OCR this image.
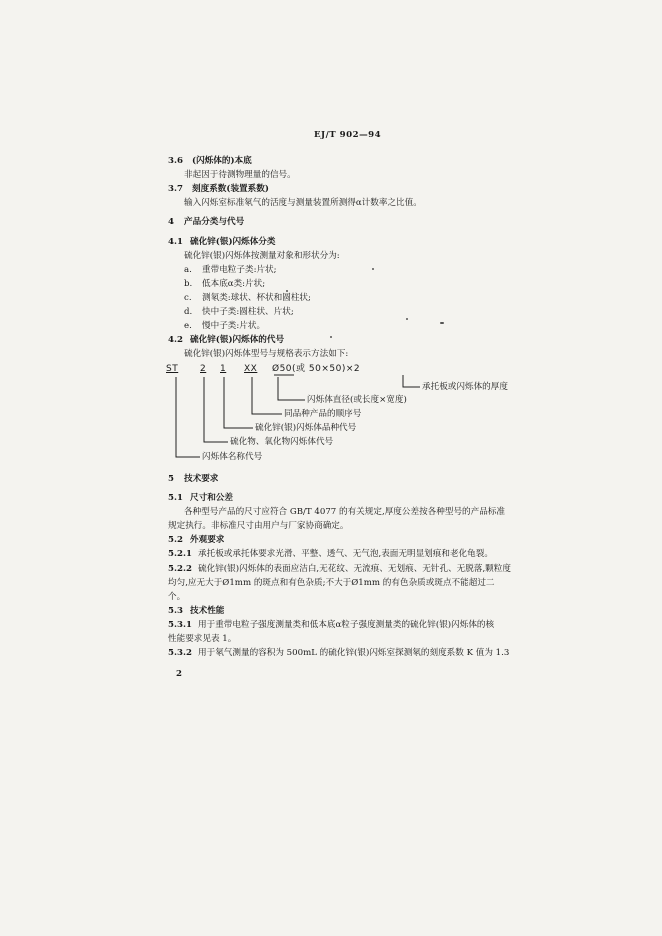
EJ/T 902—94
3.6 (闪烁体的)本底
非起因于待测物理量的信号。
3.7 刻度系数(装置系数)
输入闪烁室标准氡气的活度与测量装置所测得α计数率之比值。
4 产品分类与代号
4.1 硫化锌(银)闪烁体分类
硫化锌(银)闪烁体按测量对象和形状分为:
a. 重带电粒子类:片状;
b. 低本底α类:片状;
c. 测氡类:球状、杯状和圆柱状;
d. 快中子类:圆柱状、片状;
e. 慢中子类:片状。
4.2 硫化锌(银)闪烁体的代号
硫化锌(银)闪烁体型号与规格表示方法如下:
ST 2 1 XX Ø50(或 50×50)×2
承托板或闪烁体的厚度
闪烁体直径(或长度×宽度)
同品种产品的顺序号
硫化锌(银)闪烁体品种代号
硫化物、氧化物闪烁体代号
闪烁体名称代号
5 技术要求
5.1 尺寸和公差
各种型号产品的尺寸应符合 GB/T 4077 的有关规定,厚度公差按各种型号的产品标准
规定执行。非标准尺寸由用户与厂家协商确定。
5.2 外观要求
5.2.1 承托板或承托体要求光滑、平整、透气、无气泡,表面无明显划痕和老化龟裂。
5.2.2 硫化锌(银)闪烁体的表面应洁白,无花纹、无流痕、无划痕、无针孔、无脱落,颗粒度
均匀,应无大于Ø1mm 的斑点和有色杂质;不大于Ø1mm 的有色杂质或斑点不能超过二
个。
5.3 技术性能
5.3.1 用于重带电粒子强度测量类和低本底α粒子强度测量类的硫化锌(银)闪烁体的核
性能要求见表 1。
5.3.2 用于氡气测量的容积为 500mL 的硫化锌(银)闪烁室探测氡的刻度系数 K 值为 1.3
2
